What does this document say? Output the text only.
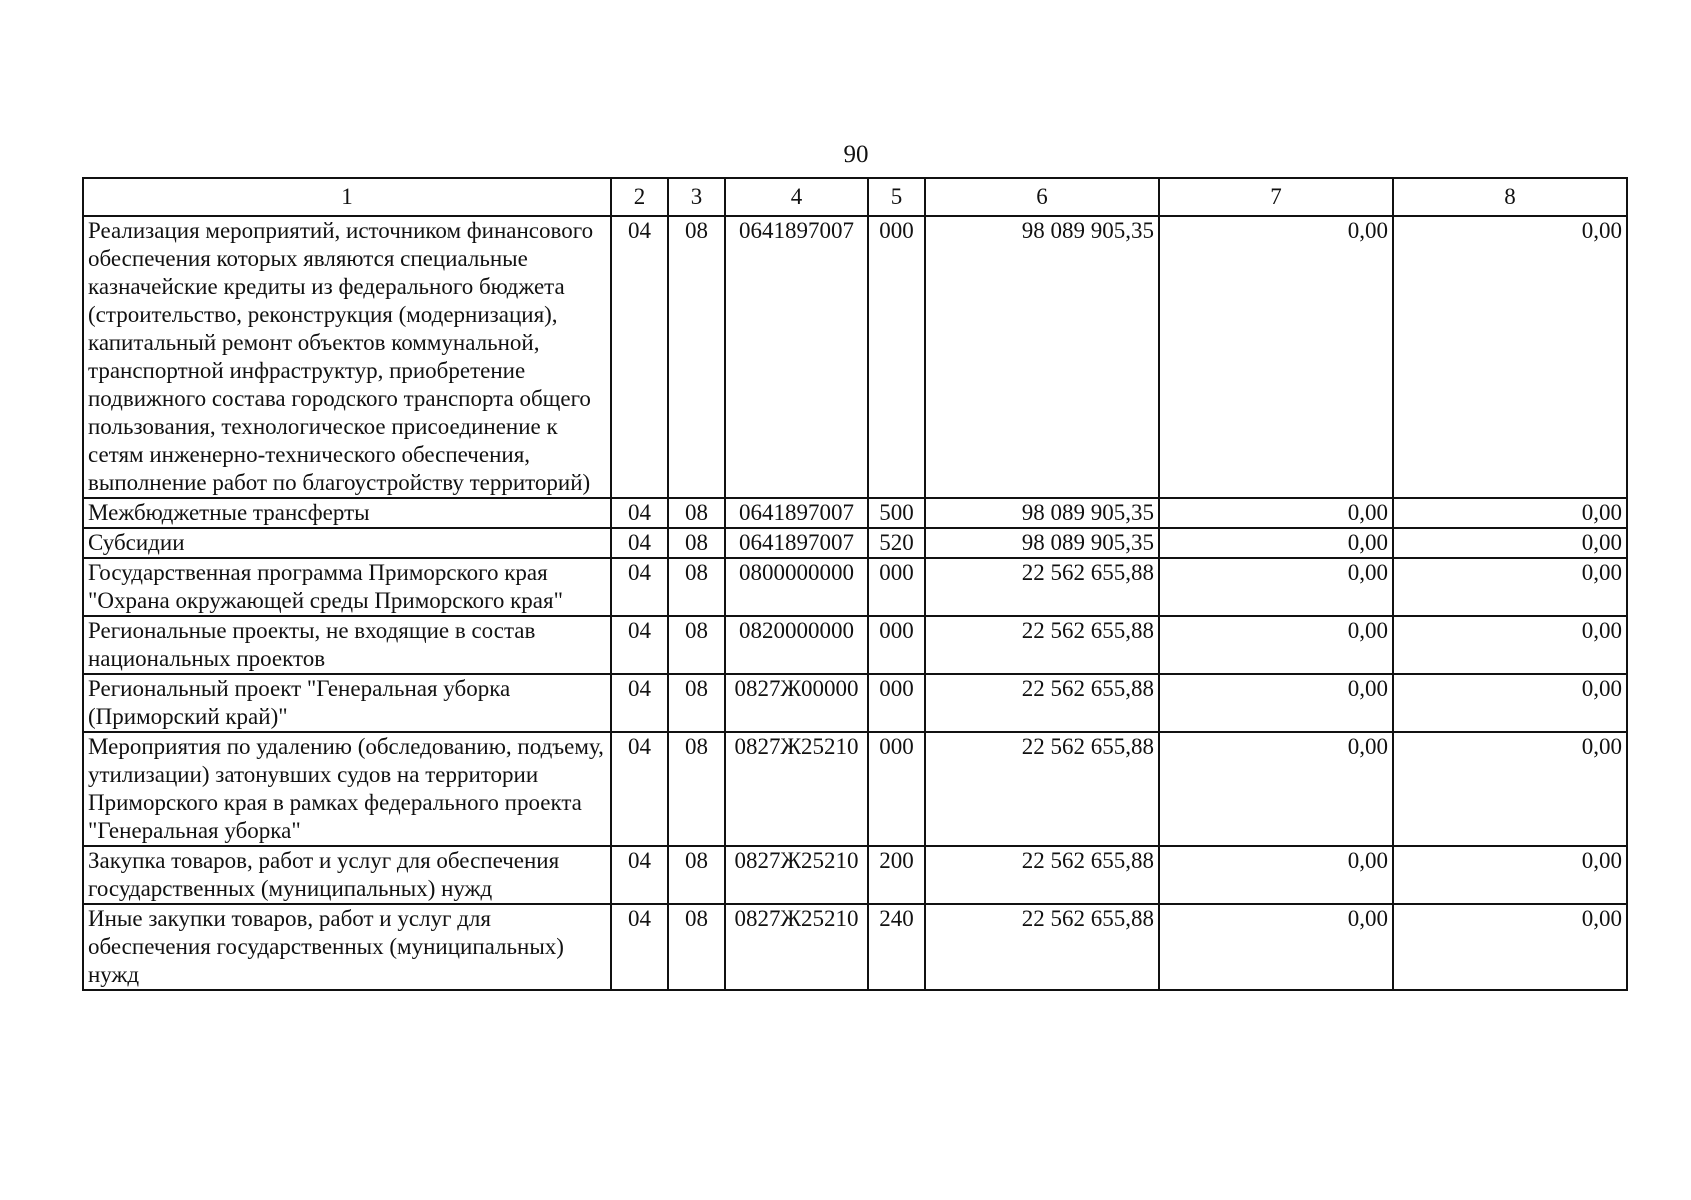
90
1	2	3	4	5	6	7	8
Реализация мероприятий, источником финансового обеспечения которых являются специальные казначейские кредиты из федерального бюджета (строительство, реконструкция (модернизация), капитальный ремонт объектов коммунальной, транспортной инфраструктур, приобретение подвижного состава городского транспорта общего пользования, технологическое присоединение к сетям инженерно-технического обеспечения, выполнение работ по благоустройству территорий)	04	08	0641897007	000	98 089 905,35	0,00	0,00
Межбюджетные трансферты	04	08	0641897007	500	98 089 905,35	0,00	0,00
Субсидии	04	08	0641897007	520	98 089 905,35	0,00	0,00
Государственная программа Приморского края "Охрана окружающей среды Приморского края"	04	08	0800000000	000	22 562 655,88	0,00	0,00
Региональные проекты, не входящие в состав национальных проектов	04	08	0820000000	000	22 562 655,88	0,00	0,00
Региональный проект "Генеральная уборка (Приморский край)"	04	08	0827Ж00000	000	22 562 655,88	0,00	0,00
Мероприятия по удалению (обследованию, подъему, утилизации) затонувших судов на территории Приморского края в рамках федерального проекта "Генеральная уборка"	04	08	0827Ж25210	000	22 562 655,88	0,00	0,00
Закупка товаров, работ и услуг для обеспечения государственных (муниципальных) нужд	04	08	0827Ж25210	200	22 562 655,88	0,00	0,00
Иные закупки товаров, работ и услуг для обеспечения государственных (муниципальных) нужд	04	08	0827Ж25210	240	22 562 655,88	0,00	0,00
